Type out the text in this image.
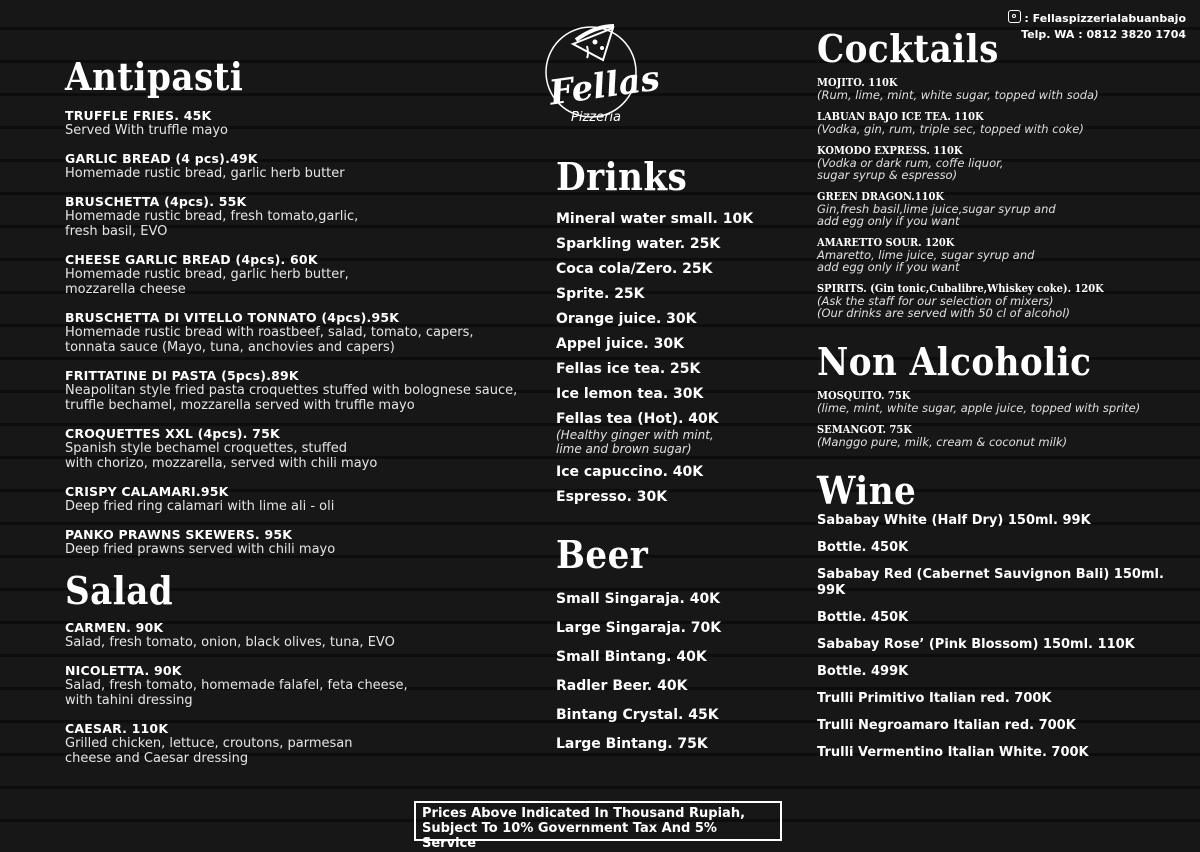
: Fellaspizzerialabuanbajo
Telp. WA : 0812 3820 1704
Fellas
Pizzeria
Antipasti
TRUFFLE FRIES. 45K
Served With truffle mayo
GARLIC BREAD (4 pcs).49K
Homemade rustic bread, garlic herb butter
BRUSCHETTA (4pcs). 55K
Homemade rustic bread, fresh tomato,garlic,
fresh basil, EVO
CHEESE GARLIC BREAD (4pcs). 60K
Homemade rustic bread, garlic herb butter,
mozzarella cheese
BRUSCHETTA DI VITELLO TONNATO (4pcs).95K
Homemade rustic bread with roastbeef, salad, tomato, capers,
tonnata sauce (Mayo, tuna, anchovies and capers)
FRITTATINE DI PASTA (5pcs).89K
Neapolitan style fried pasta croquettes stuffed with bolognese sauce,
truffle bechamel, mozzarella served with truffle mayo
CROQUETTES XXL (4pcs). 75K
Spanish style bechamel croquettes, stuffed
with chorizo, mozzarella, served with chili mayo
CRISPY CALAMARI.95K
Deep fried ring calamari with lime ali - oli
PANKO PRAWNS SKEWERS. 95K
Deep fried prawns served with chili mayo
Salad
CARMEN. 90K
Salad, fresh tomato, onion, black olives, tuna, EVO
NICOLETTA. 90K
Salad, fresh tomato, homemade falafel, feta cheese,
with tahini dressing
CAESAR. 110K
Grilled chicken, lettuce, croutons, parmesan
cheese and Caesar dressing
Drinks
Mineral water small. 10K
Sparkling water. 25K
Coca cola/Zero. 25K
Sprite. 25K
Orange juice. 30K
Appel juice. 30K
Fellas ice tea. 25K
Ice lemon tea. 30K
Fellas tea (Hot). 40K
(Healthy ginger with mint,
lime and brown sugar)
Ice capuccino. 40K
Espresso. 30K
Beer
Small Singaraja. 40K
Large Singaraja. 70K
Small Bintang. 40K
Radler Beer. 40K
Bintang Crystal. 45K
Large Bintang. 75K
Cocktails
MOJITO. 110K
(Rum, lime, mint, white sugar, topped with soda)
LABUAN BAJO ICE TEA. 110K
(Vodka, gin, rum, triple sec, topped with coke)
KOMODO EXPRESS. 110K
(Vodka or dark rum, coffe liquor,
sugar syrup & espresso)
GREEN DRAGON.110K
Gin,fresh basil,lime juice,sugar syrup and
add egg only if you want
AMARETTO SOUR. 120K
Amaretto, lime juice, sugar syrup and
add egg only if you want
SPIRITS. (Gin tonic,Cubalibre,Whiskey coke). 120K
(Ask the staff for our selection of mixers)
(Our drinks are served with 50 cl of alcohol)
Non Alcoholic
MOSQUITO. 75K
(lime, mint, white sugar, apple juice, topped with sprite)
SEMANGOT. 75K
(Manggo pure, milk, cream & coconut milk)
Wine
Sababay White (Half Dry) 150ml. 99K
Bottle. 450K
Sababay Red (Cabernet Sauvignon Bali) 150ml. 99K
Bottle. 450K
Sababay Rose’ (Pink Blossom) 150ml. 110K
Bottle. 499K
Trulli Primitivo Italian red. 700K
Trulli Negroamaro Italian red. 700K
Trulli Vermentino Italian White. 700K
Prices Above Indicated In Thousand Rupiah,
Subject To 10% Government Tax And 5% Service
